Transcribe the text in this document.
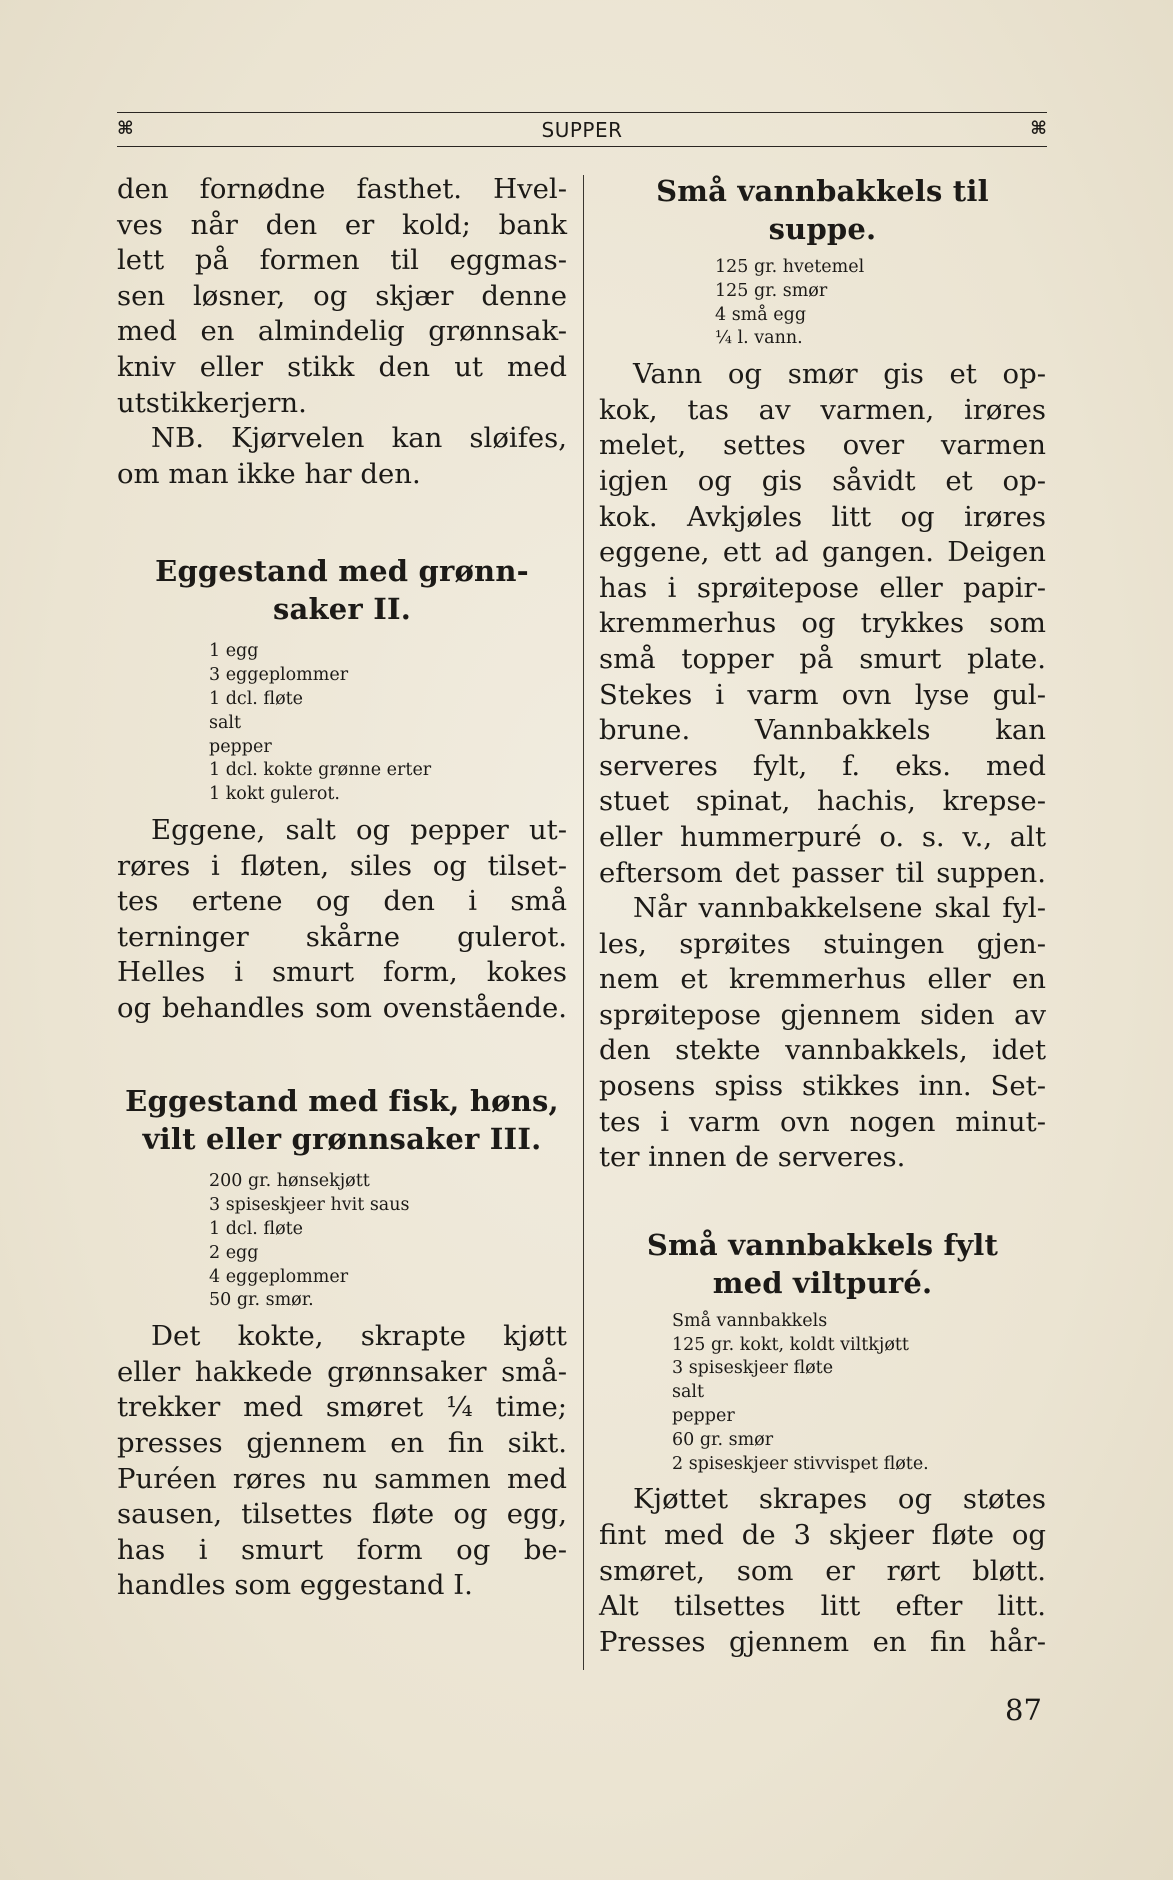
⌘	SUPPER	⌘
den fornødne fasthet. Hvel-
ves når den er kold; bank
lett på formen til eggmas-
sen løsner, og skjær denne
med en almindelig grønnsak-
kniv eller stikk den ut med
utstikkerjern.
NB. Kjørvelen kan sløifes,
om man ikke har den.
Eggestand med grønn-
saker II.
1 egg
3 eggeplommer
1 dcl. fløte
salt
pepper
1 dcl. kokte grønne erter
1 kokt gulerot.
Eggene, salt og pepper ut-
røres i fløten, siles og tilset-
tes ertene og den i små
terninger skårne gulerot.
Helles i smurt form, kokes
og behandles som ovenstående.
Eggestand med fisk, høns,
vilt eller grønnsaker III.
200 gr. hønsekjøtt
3 spiseskjeer hvit saus
1 dcl. fløte
2 egg
4 eggeplommer
50 gr. smør.
Det kokte, skrapte kjøtt
eller hakkede grønnsaker små-
trekker med smøret ¼ time;
presses gjennem en fin sikt.
Puréen røres nu sammen med
sausen, tilsettes fløte og egg,
has i smurt form og be-
handles som eggestand I.
Små vannbakkels til
suppe.
125 gr. hvetemel
125 gr. smør
4 små egg
¼ l. vann.
Vann og smør gis et op-
kok, tas av varmen, irøres
melet, settes over varmen
igjen og gis såvidt et op-
kok. Avkjøles litt og irøres
eggene, ett ad gangen. Deigen
has i sprøitepose eller papir-
kremmerhus og trykkes som
små topper på smurt plate.
Stekes i varm ovn lyse gul-
brune. Vannbakkels kan
serveres fylt, f. eks. med
stuet spinat, hachis, krepse-
eller hummerpuré o. s. v., alt
eftersom det passer til suppen.
Når vannbakkelsene skal fyl-
les, sprøites stuingen gjen-
nem et kremmerhus eller en
sprøitepose gjennem siden av
den stekte vannbakkels, idet
posens spiss stikkes inn. Set-
tes i varm ovn nogen minut-
ter innen de serveres.
Små vannbakkels fylt
med viltpuré.
Små vannbakkels
125 gr. kokt, koldt viltkjøtt
3 spiseskjeer fløte
salt
pepper
60 gr. smør
2 spiseskjeer stivvispet fløte.
Kjøttet skrapes og støtes
fint med de 3 skjeer fløte og
smøret, som er rørt bløtt.
Alt tilsettes litt efter litt.
Presses gjennem en fin hår-
87
